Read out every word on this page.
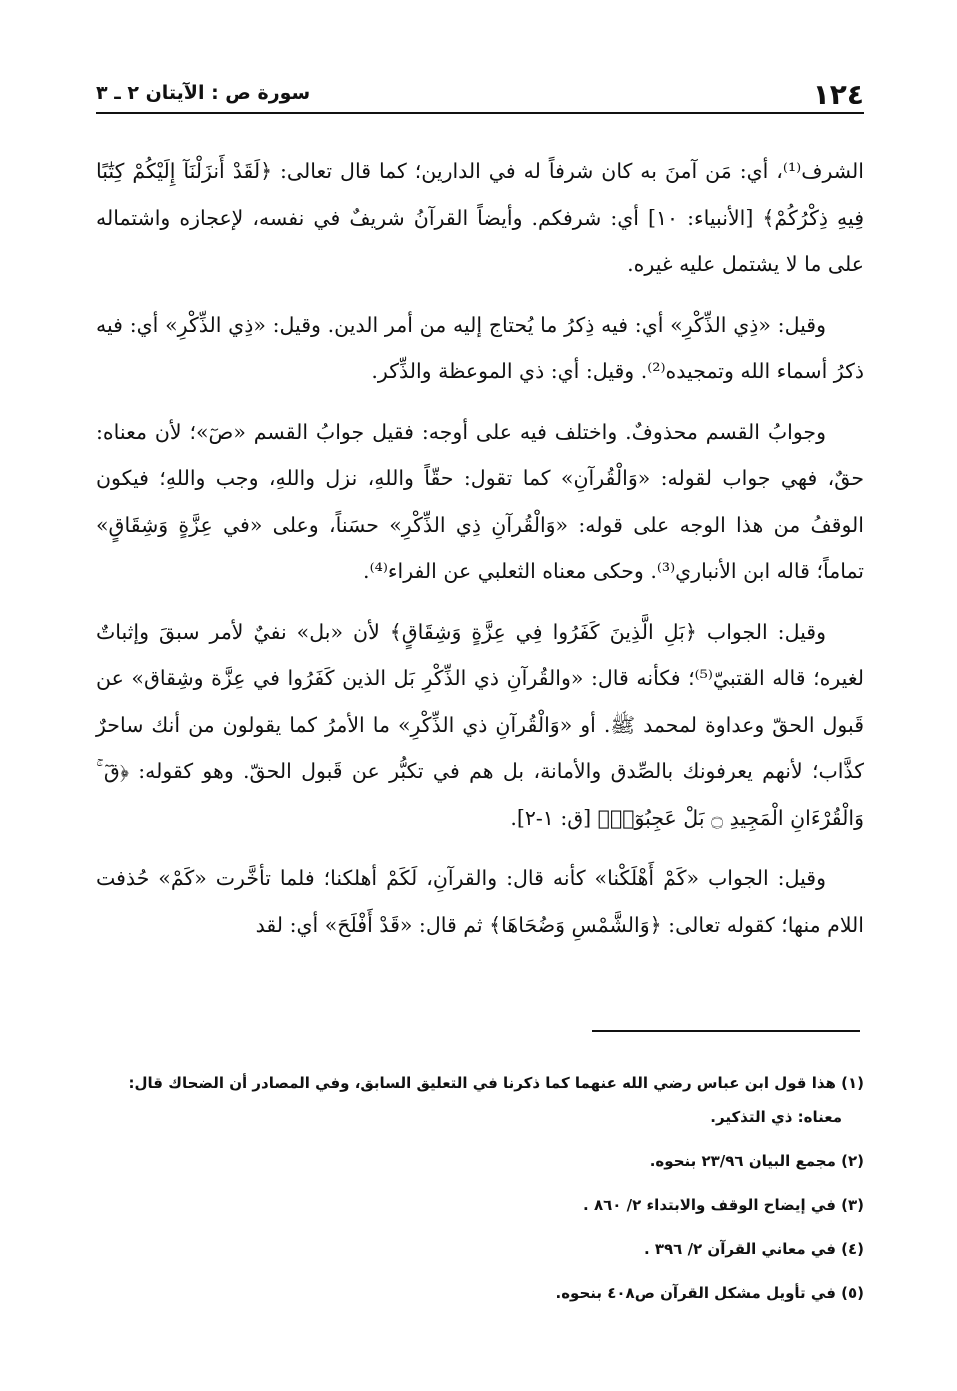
١٢٤
سورة ص : الآيتان ٢ ـ ٣

الشرف⁽¹⁾، أي: مَن آمنَ به كان شرفاً له في الدارين؛ كما قال تعالى: ﴿لَقَدْ أَنزَلْنَآ إِلَيْكُمْ كِتَٰبًا فِيهِ ذِكْرُكُمْ﴾ [الأنبياء: ١٠] أي: شرفكم. وأيضاً القرآنُ شريفٌ في نفسه، لإعجازه واشتماله على ما لا يشتمل عليه غيره.

وقيل: «ذِي الذِّكْرِ» أي: فيه ذِكرُ ما يُحتاج إليه من أمر الدين. وقيل: «ذِي الذِّكْرِ» أي: فيه ذكرُ أسماء الله وتمجيده⁽²⁾. وقيل: أي: ذي الموعظة والذِّكر.

وجوابُ القسم محذوفٌ. واختلف فيه على أوجه: فقيل جوابُ القسم «صٓ»؛ لأن معناه: حقٌ، فهي جواب لقوله: «وَالْقُرآنِ» كما تقول: حقّاً واللهِ، نزل واللهِ، وجب واللهِ؛ فيكون الوقفُ من هذا الوجه على قوله: «وَالْقُرآنِ ذِي الذِّكْرِ» حسَناً، وعلى «في عِزَّةٍ وَشِقَاقٍ» تماماً؛ قاله ابن الأنباري⁽³⁾. وحكى معناه الثعلبي عن الفراء⁽⁴⁾.

وقيل: الجواب ﴿بَلِ الَّذِينَ كَفَرُوا فِي عِزَّةٍ وَشِقَاقٍ﴾ لأن «بل» نفيٌ لأمر سبقَ وإثباتٌ لغيره؛ قاله القتبيّ⁽⁵⁾؛ فكأنه قال: «والقُرآنِ ذي الذِّكْرِ بَل الذين كَفَرُوا في عِزَّة وشِقاق» عن قَبول الحقّ وعداوة لمحمد ﷺ. أو «وَالْقُرآنِ ذي الذِّكْرِ» ما الأمرُ كما يقولون من أنك ساحرٌ كذَّاب؛ لأنهم يعرفونك بالصِّدق والأمانة، بل هم في تكبُّر عن قَبول الحقّ. وهو كقوله: ﴿قٓ ۚ وَالْقُرْءَانِ الْمَجِيدِ ۝ بَلْ عَجِبُوٓا۟﴾ [ق: ١-٢].

وقيل: الجواب «كَمْ أَهْلَكْنا» كأنه قال: والقرآنِ، لَكَمْ أهلكنا؛ فلما تأخَّرت «كَمْ» حُذفت اللام منها؛ كقوله تعالى: ﴿وَالشَّمْسِ وَضُحَاهَا﴾ ثم قال: «قَدْ أَفْلَحَ» أي: لقد

(١) هذا قول ابن عباس رضي الله عنهما كما ذكرنا في التعليق السابق، وفي المصادر أن الضحاك قال:
معناه: ذي التذكير.
(٢) مجمع البيان ٢٣/٩٦ بنحوه.
(٣) في إيضاح الوقف والابتداء ٢/ ٨٦٠ .
(٤) في معاني القرآن ٢/ ٣٩٦ .
(٥) في تأويل مشكل القرآن ص٤٠٨ بنحوه.
